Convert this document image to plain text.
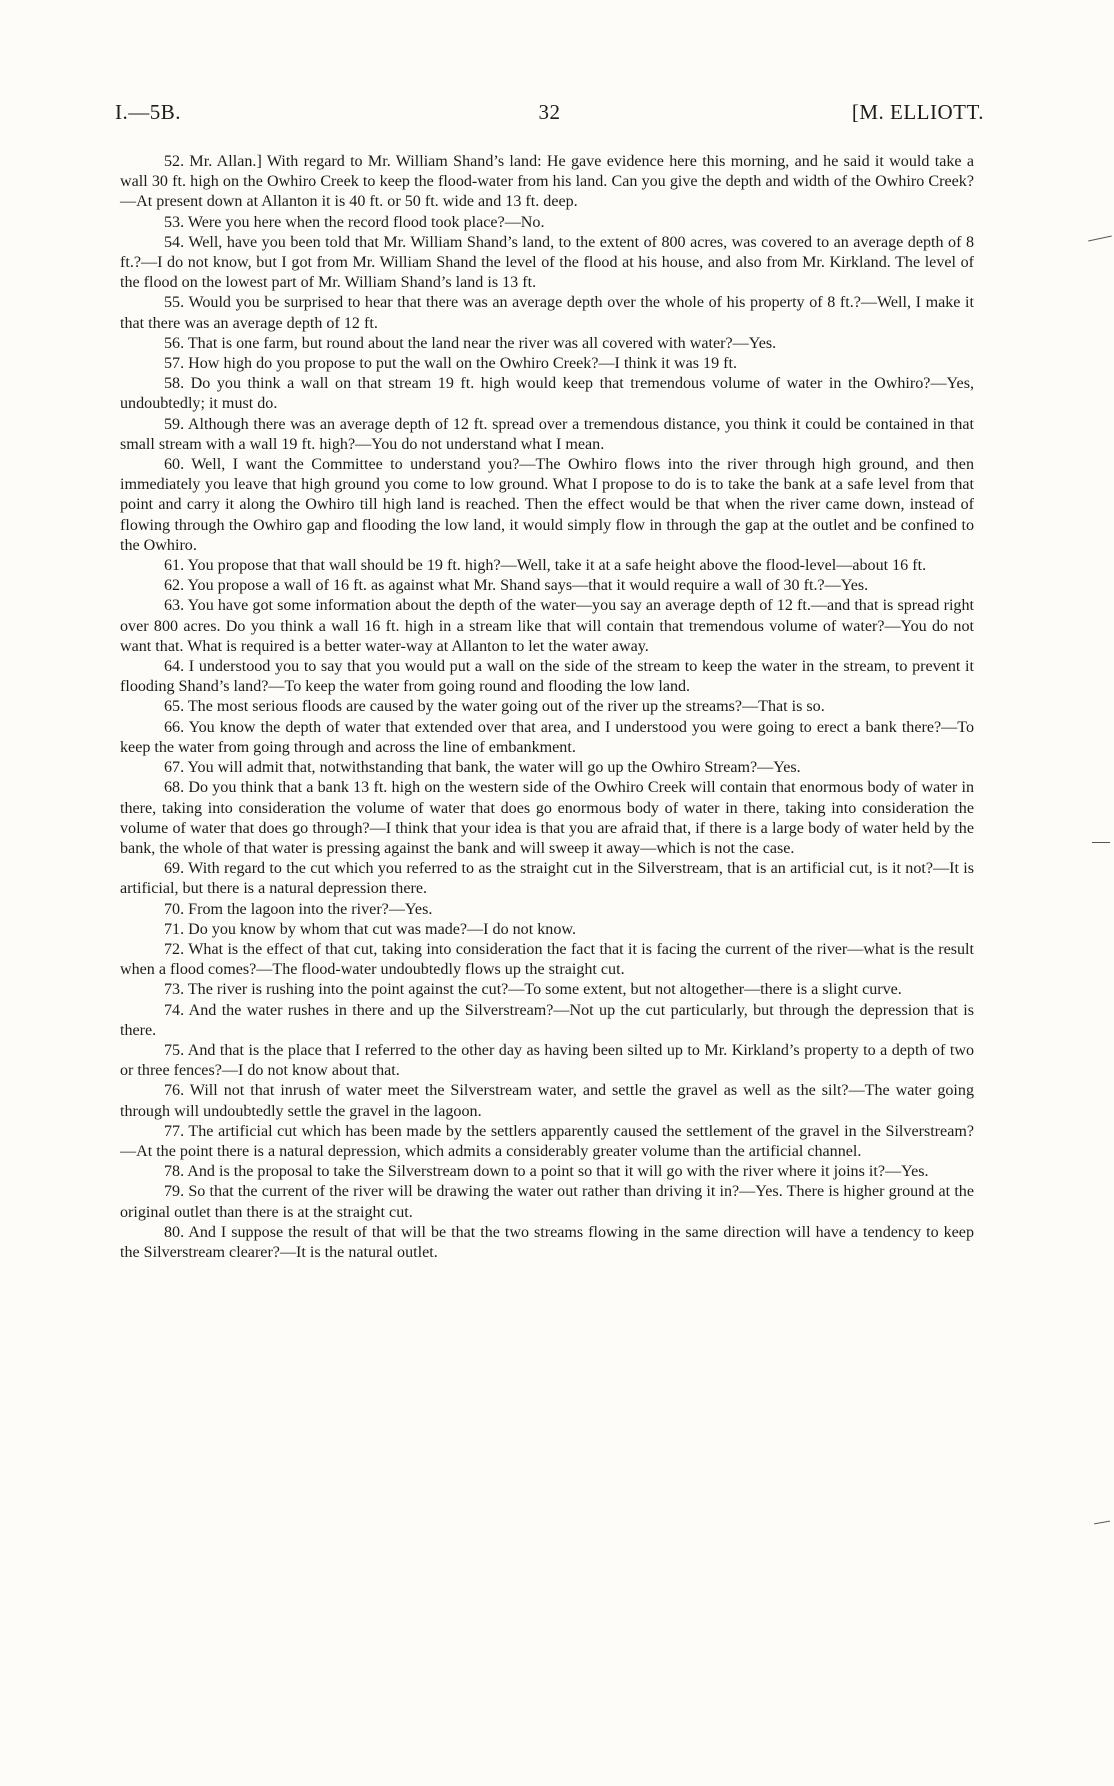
I.—5B.	32	[M. ELLIOTT.

52. Mr. Allan.] With regard to Mr. William Shand’s land: He gave evidence here this morning, and he said it would take a wall 30 ft. high on the Owhiro Creek to keep the flood-water from his land. Can you give the depth and width of the Owhiro Creek?—At present down at Allanton it is 40 ft. or 50 ft. wide and 13 ft. deep.

53. Were you here when the record flood took place?—No.

54. Well, have you been told that Mr. William Shand’s land, to the extent of 800 acres, was covered to an average depth of 8 ft.?—I do not know, but I got from Mr. William Shand the level of the flood at his house, and also from Mr. Kirkland. The level of the flood on the lowest part of Mr. William Shand’s land is 13 ft.

55. Would you be surprised to hear that there was an average depth over the whole of his property of 8 ft.?—Well, I make it that there was an average depth of 12 ft.

56. That is one farm, but round about the land near the river was all covered with water?—Yes.

57. How high do you propose to put the wall on the Owhiro Creek?—I think it was 19 ft.

58. Do you think a wall on that stream 19 ft. high would keep that tremendous volume of water in the Owhiro?—Yes, undoubtedly; it must do.

59. Although there was an average depth of 12 ft. spread over a tremendous distance, you think it could be contained in that small stream with a wall 19 ft. high?—You do not understand what I mean.

60. Well, I want the Committee to understand you?—The Owhiro flows into the river through high ground, and then immediately you leave that high ground you come to low ground. What I propose to do is to take the bank at a safe level from that point and carry it along the Owhiro till high land is reached. Then the effect would be that when the river came down, instead of flowing through the Owhiro gap and flooding the low land, it would simply flow in through the gap at the outlet and be confined to the Owhiro.

61. You propose that that wall should be 19 ft. high?—Well, take it at a safe height above the flood-level—about 16 ft.

62. You propose a wall of 16 ft. as against what Mr. Shand says—that it would require a wall of 30 ft.?—Yes.

63. You have got some information about the depth of the water—you say an average depth of 12 ft.—and that is spread right over 800 acres. Do you think a wall 16 ft. high in a stream like that will contain that tremendous volume of water?—You do not want that. What is required is a better water-way at Allanton to let the water away.

64. I understood you to say that you would put a wall on the side of the stream to keep the water in the stream, to prevent it flooding Shand’s land?—To keep the water from going round and flooding the low land.

65. The most serious floods are caused by the water going out of the river up the streams?—That is so.

66. You know the depth of water that extended over that area, and I understood you were going to erect a bank there?—To keep the water from going through and across the line of embankment.

67. You will admit that, notwithstanding that bank, the water will go up the Owhiro Stream?—Yes.

68. Do you think that a bank 13 ft. high on the western side of the Owhiro Creek will contain that enormous body of water in there, taking into consideration the volume of water that does go enormous body of water in there, taking into consideration the volume of water that does go through?—I think that your idea is that you are afraid that, if there is a large body of water held by the bank, the whole of that water is pressing against the bank and will sweep it away—which is not the case.

69. With regard to the cut which you referred to as the straight cut in the Silverstream, that is an artificial cut, is it not?—It is artificial, but there is a natural depression there.

70. From the lagoon into the river?—Yes.

71. Do you know by whom that cut was made?—I do not know.

72. What is the effect of that cut, taking into consideration the fact that it is facing the current of the river—what is the result when a flood comes?—The flood-water undoubtedly flows up the straight cut.

73. The river is rushing into the point against the cut?—To some extent, but not altogether—there is a slight curve.

74. And the water rushes in there and up the Silverstream?—Not up the cut particularly, but through the depression that is there.

75. And that is the place that I referred to the other day as having been silted up to Mr. Kirkland’s property to a depth of two or three fences?—I do not know about that.

76. Will not that inrush of water meet the Silverstream water, and settle the gravel as well as the silt?—The water going through will undoubtedly settle the gravel in the lagoon.

77. The artificial cut which has been made by the settlers apparently caused the settlement of the gravel in the Silverstream?—At the point there is a natural depression, which admits a considerably greater volume than the artificial channel.

78. And is the proposal to take the Silverstream down to a point so that it will go with the river where it joins it?—Yes.

79. So that the current of the river will be drawing the water out rather than driving it in?—Yes. There is higher ground at the original outlet than there is at the straight cut.

80. And I suppose the result of that will be that the two streams flowing in the same direction will have a tendency to keep the Silverstream clearer?—It is the natural outlet.
